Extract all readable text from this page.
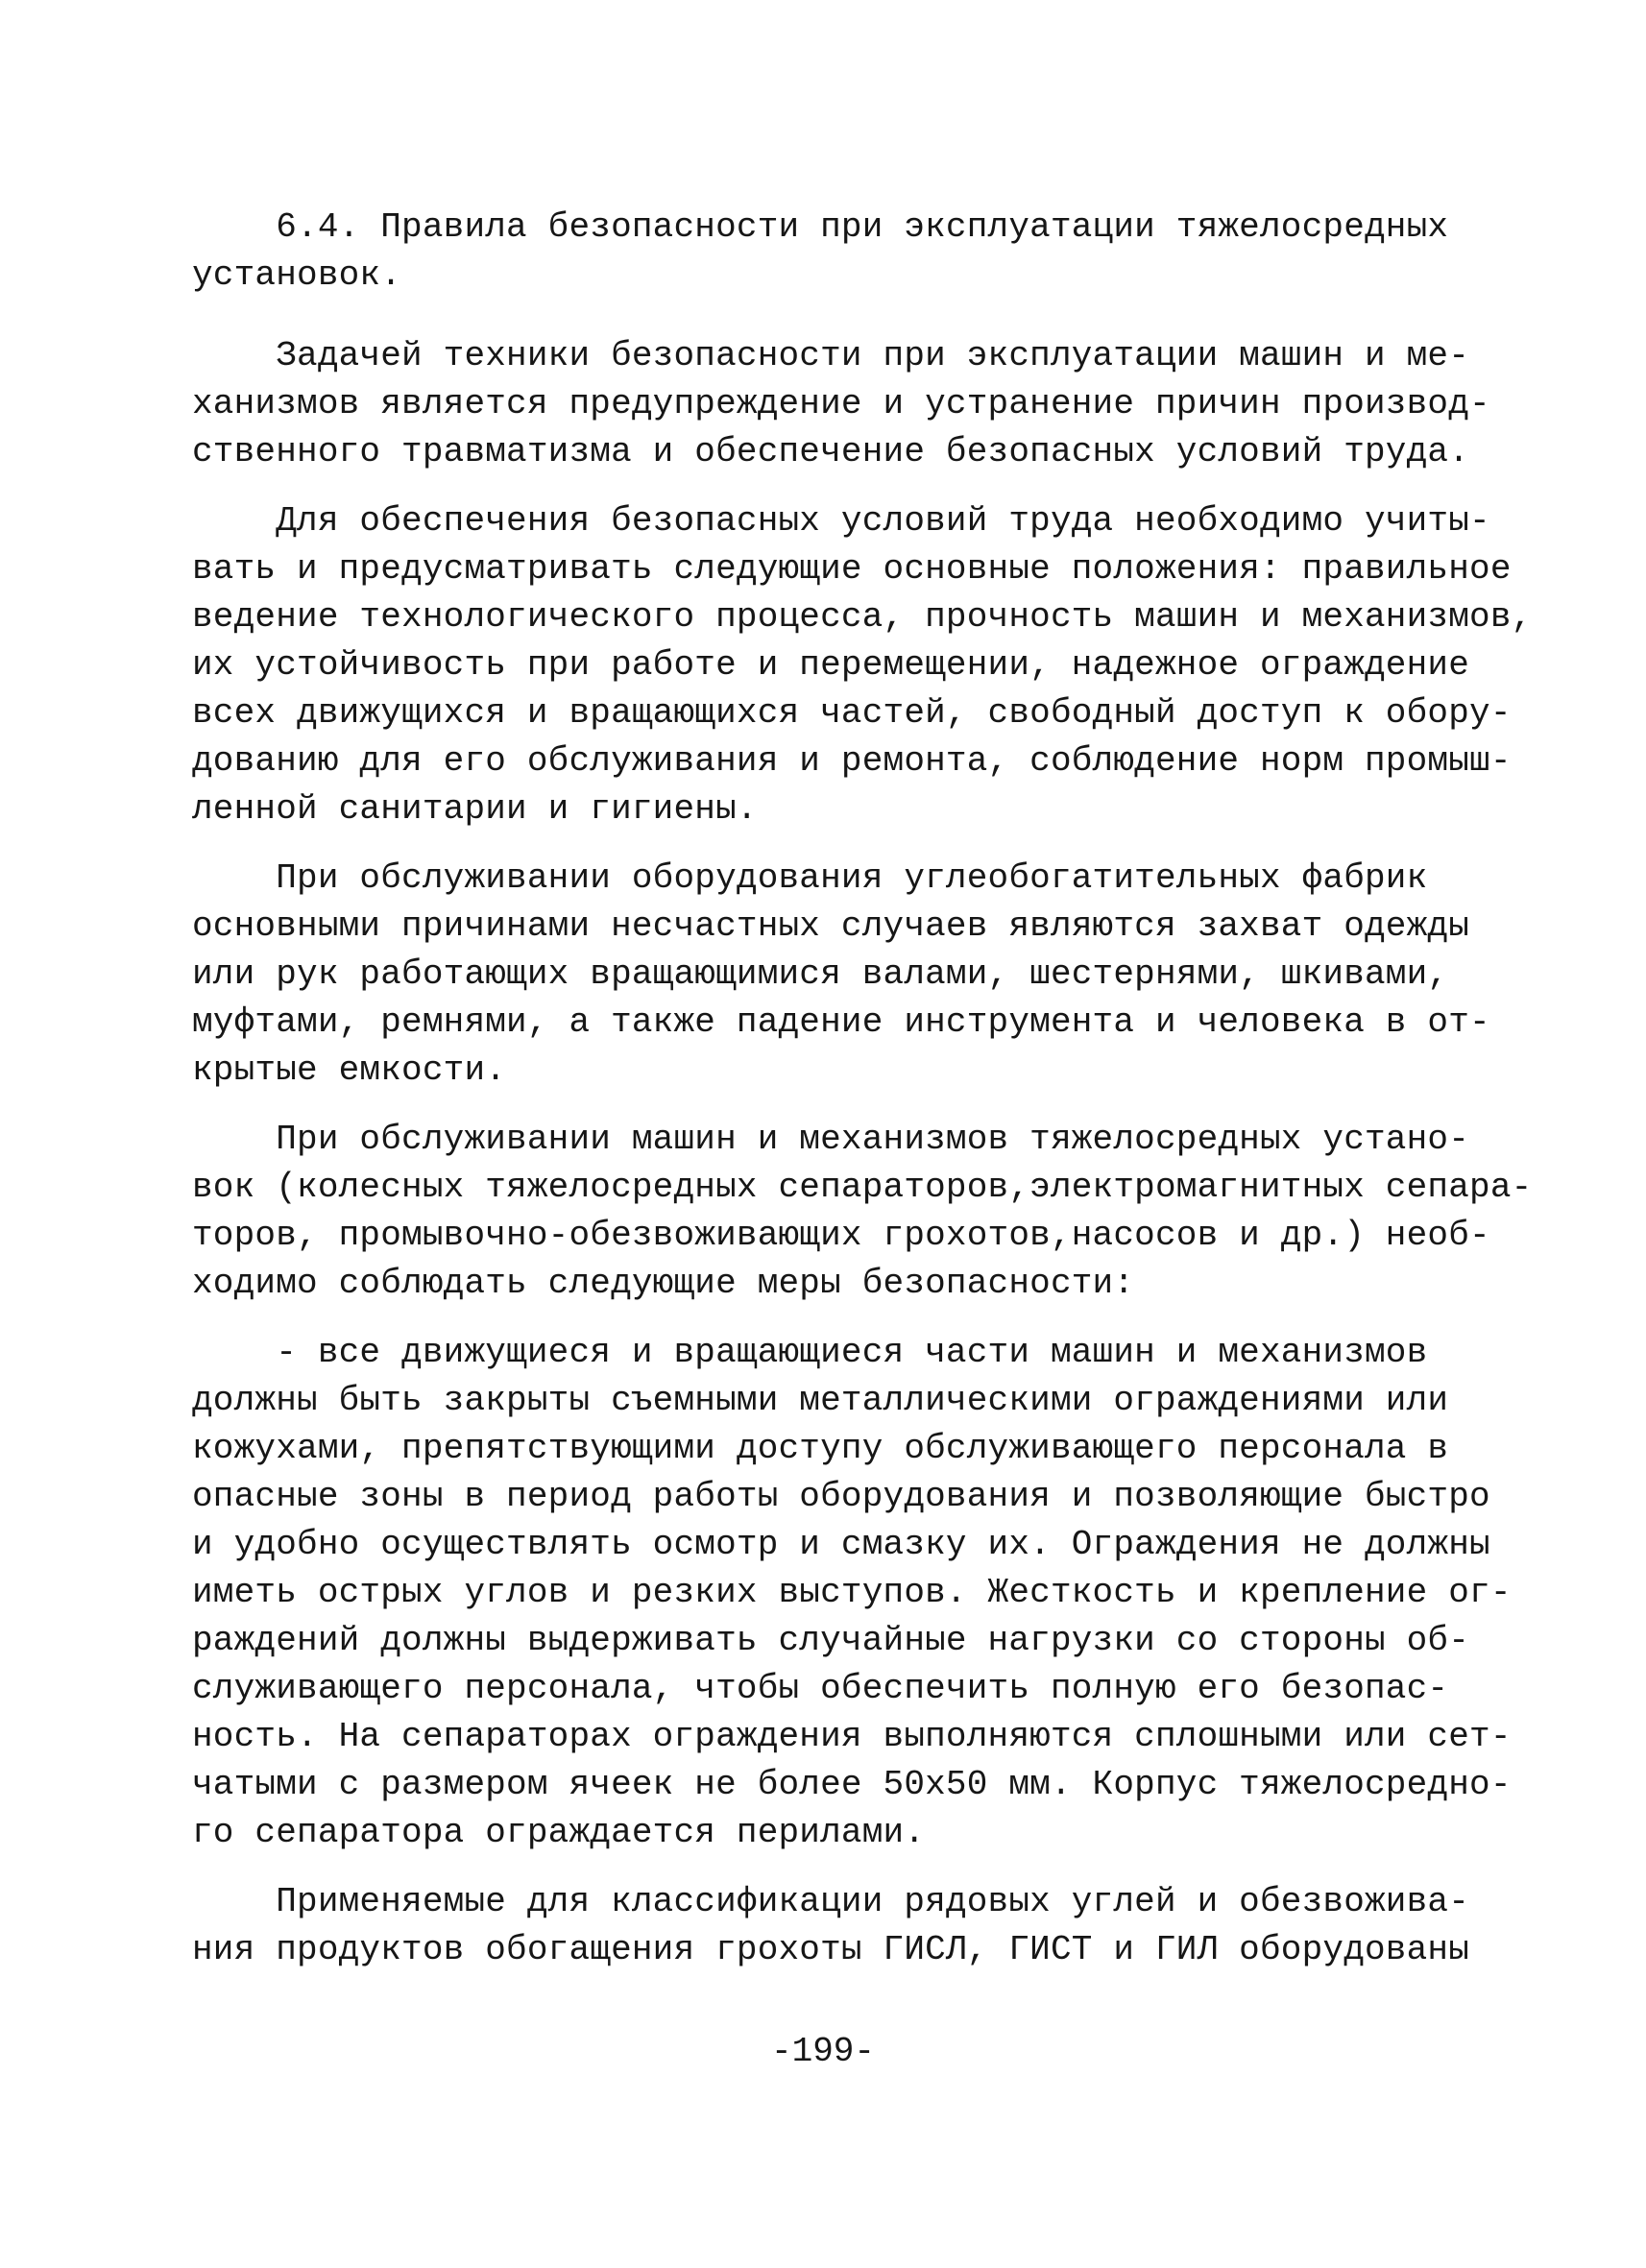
6.4. Правила безопасности при эксплуатации тяжелосредных
установок.
Задачей техники безопасности при эксплуатации машин и ме-
ханизмов является предупреждение и устранение причин производ-
ственного травматизма и обеспечение безопасных условий труда.
Для обеспечения безопасных условий труда необходимо учиты-
вать и предусматривать следующие основные положения: правильное
ведение технологического процесса, прочность машин и механизмов,
их устойчивость при работе и перемещении, надежное ограждение
всех движущихся и вращающихся частей, свободный доступ к обору-
дованию для его обслуживания и ремонта, соблюдение норм промыш-
ленной санитарии и гигиены.
При обслуживании оборудования углеобогатительных фабрик
основными причинами несчастных случаев являются захват одежды
или рук работающих вращающимися валами, шестернями, шкивами,
муфтами, ремнями, а также падение инструмента и человека в от-
крытые емкости.
При обслуживании машин и механизмов тяжелосредных устано-
вок (колесных тяжелосредных сепараторов,электромагнитных сепара-
торов, промывочно-обезвоживающих грохотов,насосов и др.) необ-
ходимо соблюдать следующие меры безопасности:
- все движущиеся и вращающиеся части машин и механизмов
должны быть закрыты съемными металлическими ограждениями или
кожухами, препятствующими доступу обслуживающего персонала в
опасные зоны в период работы оборудования и позволяющие быстро
и удобно осуществлять осмотр и смазку их. Ограждения не должны
иметь острых углов и резких выступов. Жесткость и крепление ог-
раждений должны выдерживать случайные нагрузки со стороны об-
служивающего персонала, чтобы обеспечить полную его безопас-
ность. На сепараторах ограждения выполняются сплошными или сет-
чатыми с размером ячеек не более 50х50 мм. Корпус тяжелосредно-
го сепаратора ограждается перилами.
Применяемые для классификации рядовых углей и обезвожива-
ния продуктов обогащения грохоты ГИСЛ, ГИСТ и ГИЛ оборудованы
-199-
